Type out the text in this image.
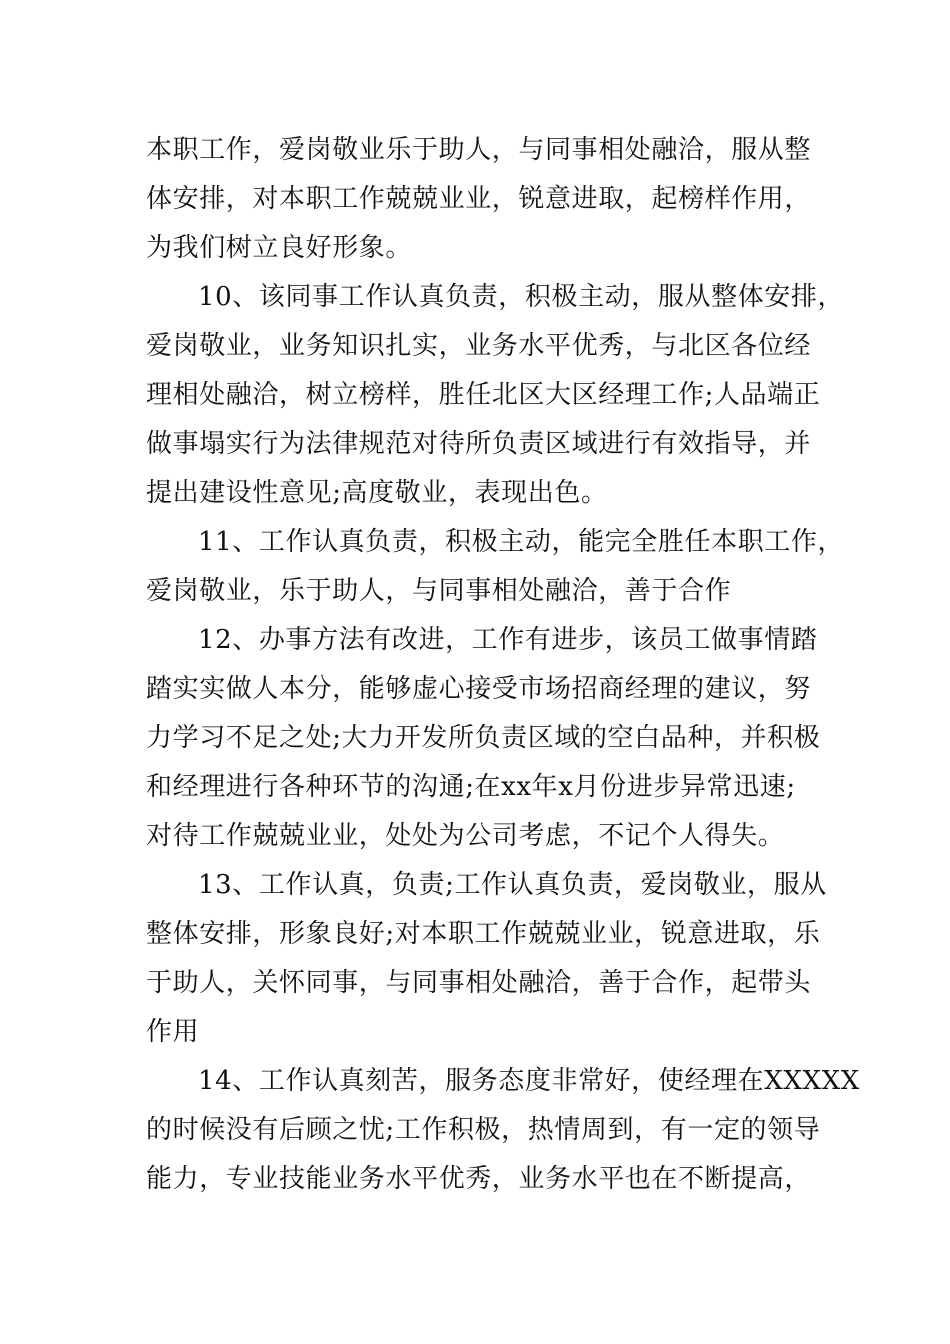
本职工作，爱岗敬业乐于助人，与同事相处融洽，服从整
体安排，对本职工作兢兢业业，锐意进取，起榜样作用，
为我们树立良好形象。
10、该同事工作认真负责，积极主动，服从整体安排，
爱岗敬业，业务知识扎实，业务水平优秀，与北区各位经
理相处融洽，树立榜样，胜任北区大区经理工作;人品端正
做事塌实行为法律规范对待所负责区域进行有效指导，并
提出建设性意见;高度敬业，表现出色。
11、工作认真负责，积极主动，能完全胜任本职工作，
爱岗敬业，乐于助人，与同事相处融洽，善于合作
12、办事方法有改进，工作有进步，该员工做事情踏
踏实实做人本分，能够虚心接受市场招商经理的建议，努
力学习不足之处;大力开发所负责区域的空白品种，并积极
和经理进行各种环节的沟通;在xx年x月份进步异常迅速;
对待工作兢兢业业，处处为公司考虑，不记个人得失。
13、工作认真，负责;工作认真负责，爱岗敬业，服从
整体安排，形象良好;对本职工作兢兢业业，锐意进取，乐
于助人，关怀同事，与同事相处融洽，善于合作，起带头
作用
14、工作认真刻苦，服务态度非常好，使经理在XXXXX
的时候没有后顾之忧;工作积极，热情周到，有一定的领导
能力，专业技能业务水平优秀，业务水平也在不断提高，
